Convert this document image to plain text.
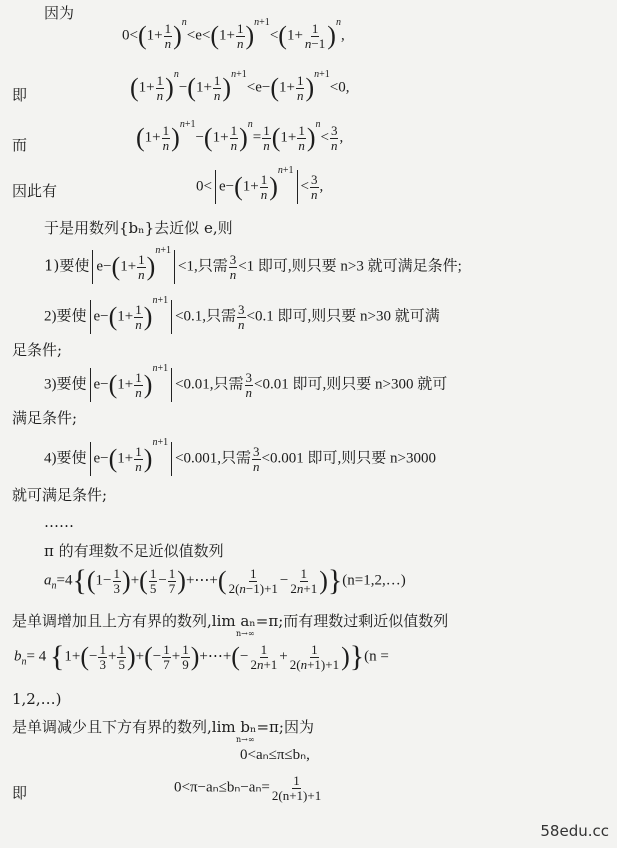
因为
$0<(1+ \frac{1}{n} )^n<e<(1+ \frac{1}{n} )^{n+1}<(1+ \frac{1}{n-1} )^n$,
即	$(1+ \frac{1}{n} )^n-(1+ \frac{1}{n} )^{n+1}<e-(1+ \frac{1}{n} )^{n+1}<0$,
而	$(1+ \frac{1}{n} )^{n+1}-(1+ \frac{1}{n} )^n= \frac{1}{n} (1+ \frac{1}{n} )^n< \frac{3}{n}$ ,
因此有	$0< e-(1+ \frac{1}{n} )^{n+1}< \frac{3}{n}$ ,
于是用数列{bₙ}去近似 e,则
1)要使 $e-(1+ \frac{1}{n} )^{n+1}<1$,只需 $\frac{3}{n} <1$ 即可,则只要 n>3 就可满足条件;
2)要使 $e-(1+ \frac{1}{n} )^{n+1}<0.1$,只需 $\frac{3}{n} <0.1$ 即可,则只要 n>30 就可满
足条件;
3)要使 $e-(1+ \frac{1}{n} )^{n+1}<0.01$,只需 $\frac{3}{n} <0.01$ 即可,则只要 n>300 就可
满足条件;
4)要使 $e-(1+ \frac{1}{n} )^{n+1}<0.001$,只需 $\frac{3}{n} <0.001$ 即可,则只要 n>3000
就可满足条件;
……
π 的有理数不足近似值数列
$a_n=4\{(1- \frac{1}{3}$ )+( $\frac{1}{5} - \frac{1}{7}$ )+⋯+( $\frac{1}{2(n-1)+1} - \frac{1}{2n+1}$ )}(n=1,2,…)
是单调增加且上方有界的数列,lim aₙ=π;而有理数过剩近似值数列
n→∞
$b_n= 4$ {$1+(- \frac{1}{3} + \frac{1}{5}$ )+(− $\frac{1}{7} + \frac{1}{9}$ )+⋯+(− $\frac{1}{2n+1} + \frac{1}{2(n+1)+1} )\}(n$ =
1,2,…)
是单调减少且下方有界的数列,lim bₙ=π;因为
n→∞
0<aₙ≤π≤bₙ,
即	$0<\pi-a_n\le b_n-a_n= \frac{1}{2(n+1)+1}$
58edu.cc
